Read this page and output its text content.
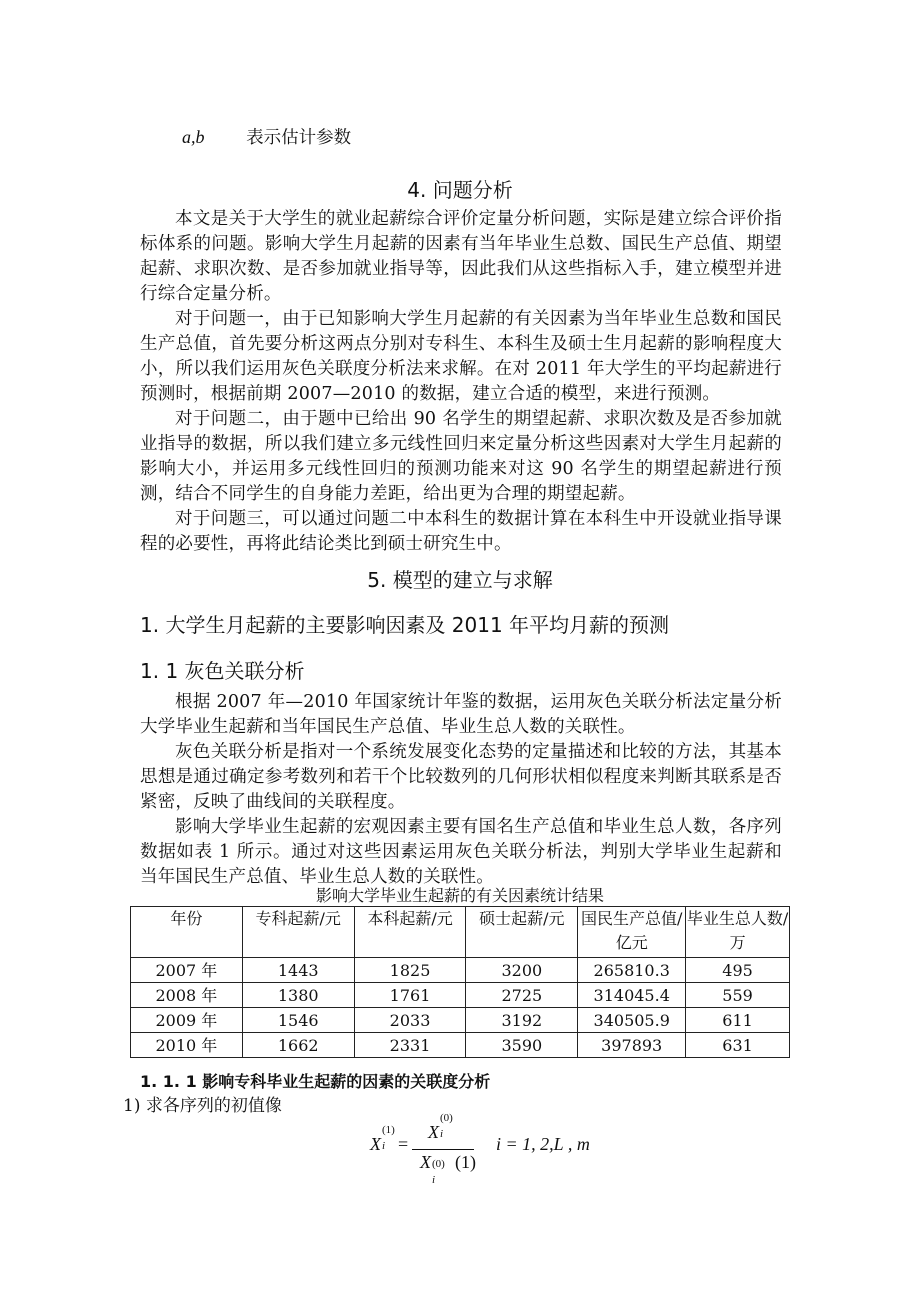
a,b 表示估计参数
4. 问题分析
本文是关于大学生的就业起薪综合评价定量分析问题，实际是建立综合评价指标体系的问题。影响大学生月起薪的因素有当年毕业生总数、国民生产总值、期望起薪、求职次数、是否参加就业指导等，因此我们从这些指标入手，建立模型并进行综合定量分析。
对于问题一，由于已知影响大学生月起薪的有关因素为当年毕业生总数和国民生产总值，首先要分析这两点分别对专科生、本科生及硕士生月起薪的影响程度大小，所以我们运用灰色关联度分析法来求解。在对 2011 年大学生的平均起薪进行预测时，根据前期 2007—2010 的数据，建立合适的模型，来进行预测。
对于问题二，由于题中已给出 90 名学生的期望起薪、求职次数及是否参加就业指导的数据，所以我们建立多元线性回归来定量分析这些因素对大学生月起薪的影响大小，并运用多元线性回归的预测功能来对这 90 名学生的期望起薪进行预测，结合不同学生的自身能力差距，给出更为合理的期望起薪。
对于问题三，可以通过问题二中本科生的数据计算在本科生中开设就业指导课程的必要性，再将此结论类比到硕士研究生中。
5. 模型的建立与求解
1. 大学生月起薪的主要影响因素及 2011 年平均月薪的预测
1. 1 灰色关联分析
根据 2007 年—2010 年国家统计年鉴的数据，运用灰色关联分析法定量分析大学毕业生起薪和当年国民生产总值、毕业生总人数的关联性。
灰色关联分析是指对一个系统发展变化态势的定量描述和比较的方法，其基本思想是通过确定参考数列和若干个比较数列的几何形状相似程度来判断其联系是否紧密，反映了曲线间的关联程度。
影响大学毕业生起薪的宏观因素主要有国名生产总值和毕业生总人数，各序列数据如表 1 所示。通过对这些因素运用灰色关联分析法，判别大学毕业生起薪和当年国民生产总值、毕业生总人数的关联性。
影响大学毕业生起薪的有关因素统计结果
年份	专科起薪/元	本科起薪/元	硕士起薪/元	国民生产总值/亿元	毕业生总人数/万
2007 年	1443	1825	3200	265810.3	495
2008 年	1380	1761	2725	314045.4	559
2009 年	1546	2033	3192	340505.9	611
2010 年	1662	2331	3590	397893	631
1. 1. 1 影响专科毕业生起薪的因素的关联度分析
1) 求各序列的初值像
X
(1)
i =
X
(0)
i
X (0)
i
(1)
i = 1, 2,L , m
